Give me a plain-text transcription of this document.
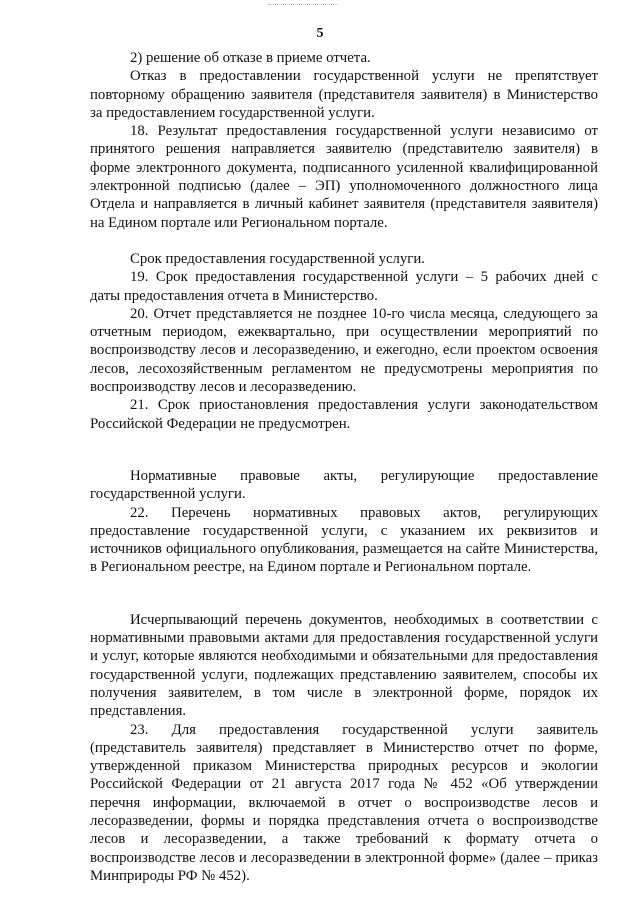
5

2) решение об отказе в приеме отчета.

Отказ в предоставлении государственной услуги не препятствует повторному обращению заявителя (представителя заявителя) в Министерство за предоставлением государственной услуги.

18. Результат предоставления государственной услуги независимо от принятого решения направляется заявителю (представителю заявителя) в форме электронного документа, подписанного усиленной квалифицированной электронной подписью (далее – ЭП) уполномоченного должностного лица Отдела и направляется в личный кабинет заявителя (представителя заявителя) на Едином портале или Региональном портале.

Срок предоставления государственной услуги.

19. Срок предоставления государственной услуги – 5 рабочих дней с даты предоставления отчета в Министерство.

20. Отчет представляется не позднее 10-го числа месяца, следующего за отчетным периодом, ежеквартально, при осуществлении мероприятий по воспроизводству лесов и лесоразведению, и ежегодно, если проектом освоения лесов, лесохозяйственным регламентом не предусмотрены мероприятия по воспроизводству лесов и лесоразведению.

21. Срок приостановления предоставления услуги законодательством Российской Федерации не предусмотрен.

Нормативные правовые акты, регулирующие предоставление государственной услуги.

22. Перечень нормативных правовых актов, регулирующих предоставление государственной услуги, с указанием их реквизитов и источников официального опубликования, размещается на сайте Министерства, в Региональном реестре, на Едином портале и Региональном портале.

Исчерпывающий перечень документов, необходимых в соответствии с нормативными правовыми актами для предоставления государственной услуги и услуг, которые являются необходимыми и обязательными для предоставления государственной услуги, подлежащих представлению заявителем, способы их получения заявителем, в том числе в электронной форме, порядок их представления.

23. Для предоставления государственной услуги заявитель (представитель заявителя) представляет в Министерство отчет по форме, утвержденной приказом Министерства природных ресурсов и экологии Российской Федерации от 21 августа 2017 года № 452 «Об утверждении перечня информации, включаемой в отчет о воспроизводстве лесов и лесоразведении, формы и порядка представления отчета о воспроизводстве лесов и лесоразведении, а также требований к формату отчета о воспроизводстве лесов и лесоразведении в электронной форме» (далее – приказ Минприроды РФ № 452).
